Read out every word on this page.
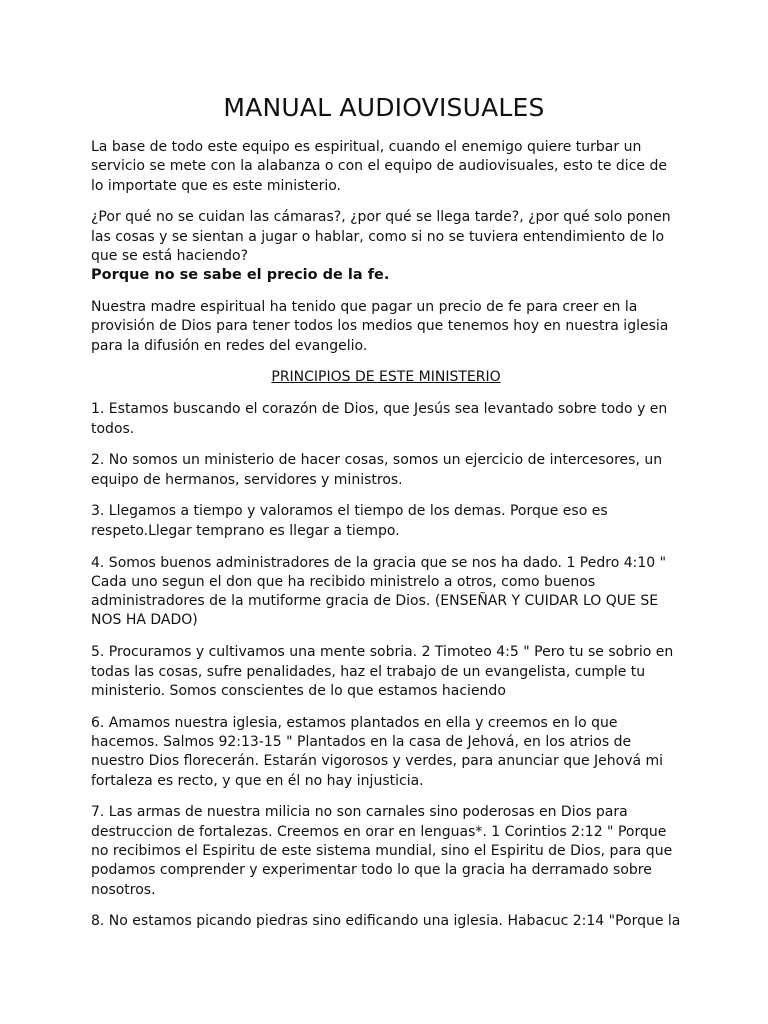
MANUAL AUDIOVISUALES

La base de todo este equipo es espiritual, cuando el enemigo quiere turbar un servicio se mete con la alabanza o con el equipo de audiovisuales, esto te dice de lo importate que es este ministerio.

¿Por qué no se cuidan las cámaras?, ¿por qué se llega tarde?, ¿por qué solo ponen las cosas y se sientan a jugar o hablar, como si no se tuviera entendimiento de lo que se está haciendo?
Porque no se sabe el precio de la fe.

Nuestra madre espiritual ha tenido que pagar un precio de fe para creer en la provisión de Dios para tener todos los medios que tenemos hoy en nuestra iglesia para la difusión en redes del evangelio.

PRINCIPIOS DE ESTE MINISTERIO

1. Estamos buscando el corazón de Dios, que Jesús sea levantado sobre todo y en todos.

2. No somos un ministerio de hacer cosas, somos un ejercicio de intercesores, un equipo de hermanos, servidores y ministros.

3. Llegamos a tiempo y valoramos el tiempo de los demas. Porque eso es respeto.Llegar temprano es llegar a tiempo.

4. Somos buenos administradores de la gracia que se nos ha dado. 1 Pedro 4:10 " Cada uno segun el don que ha recibido ministrelo a otros, como buenos administradores de la mutiforme gracia de Dios. (ENSEÑAR Y CUIDAR LO QUE SE NOS HA DADO)

5. Procuramos y cultivamos una mente sobria. 2 Timoteo 4:5 " Pero tu se sobrio en todas las cosas, sufre penalidades, haz el trabajo de un evangelista, cumple tu ministerio. Somos conscientes de lo que estamos haciendo

6. Amamos nuestra iglesia, estamos plantados en ella y creemos en lo que hacemos. Salmos 92:13-15 " Plantados en la casa de Jehová, en los atrios de nuestro Dios florecerán. Estarán vigorosos y verdes, para anunciar que Jehová mi fortaleza es recto, y que en él no hay injusticia.

7. Las armas de nuestra milicia no son carnales sino poderosas en Dios para destruccion de fortalezas. Creemos en orar en lenguas*. 1 Corintios 2:12 " Porque no recibimos el Espiritu de este sistema mundial, sino el Espiritu de Dios, para que podamos comprender y experimentar todo lo que la gracia ha derramado sobre nosotros.

8. No estamos picando piedras sino edificando una iglesia. Habacuc 2:14 "Porque la
